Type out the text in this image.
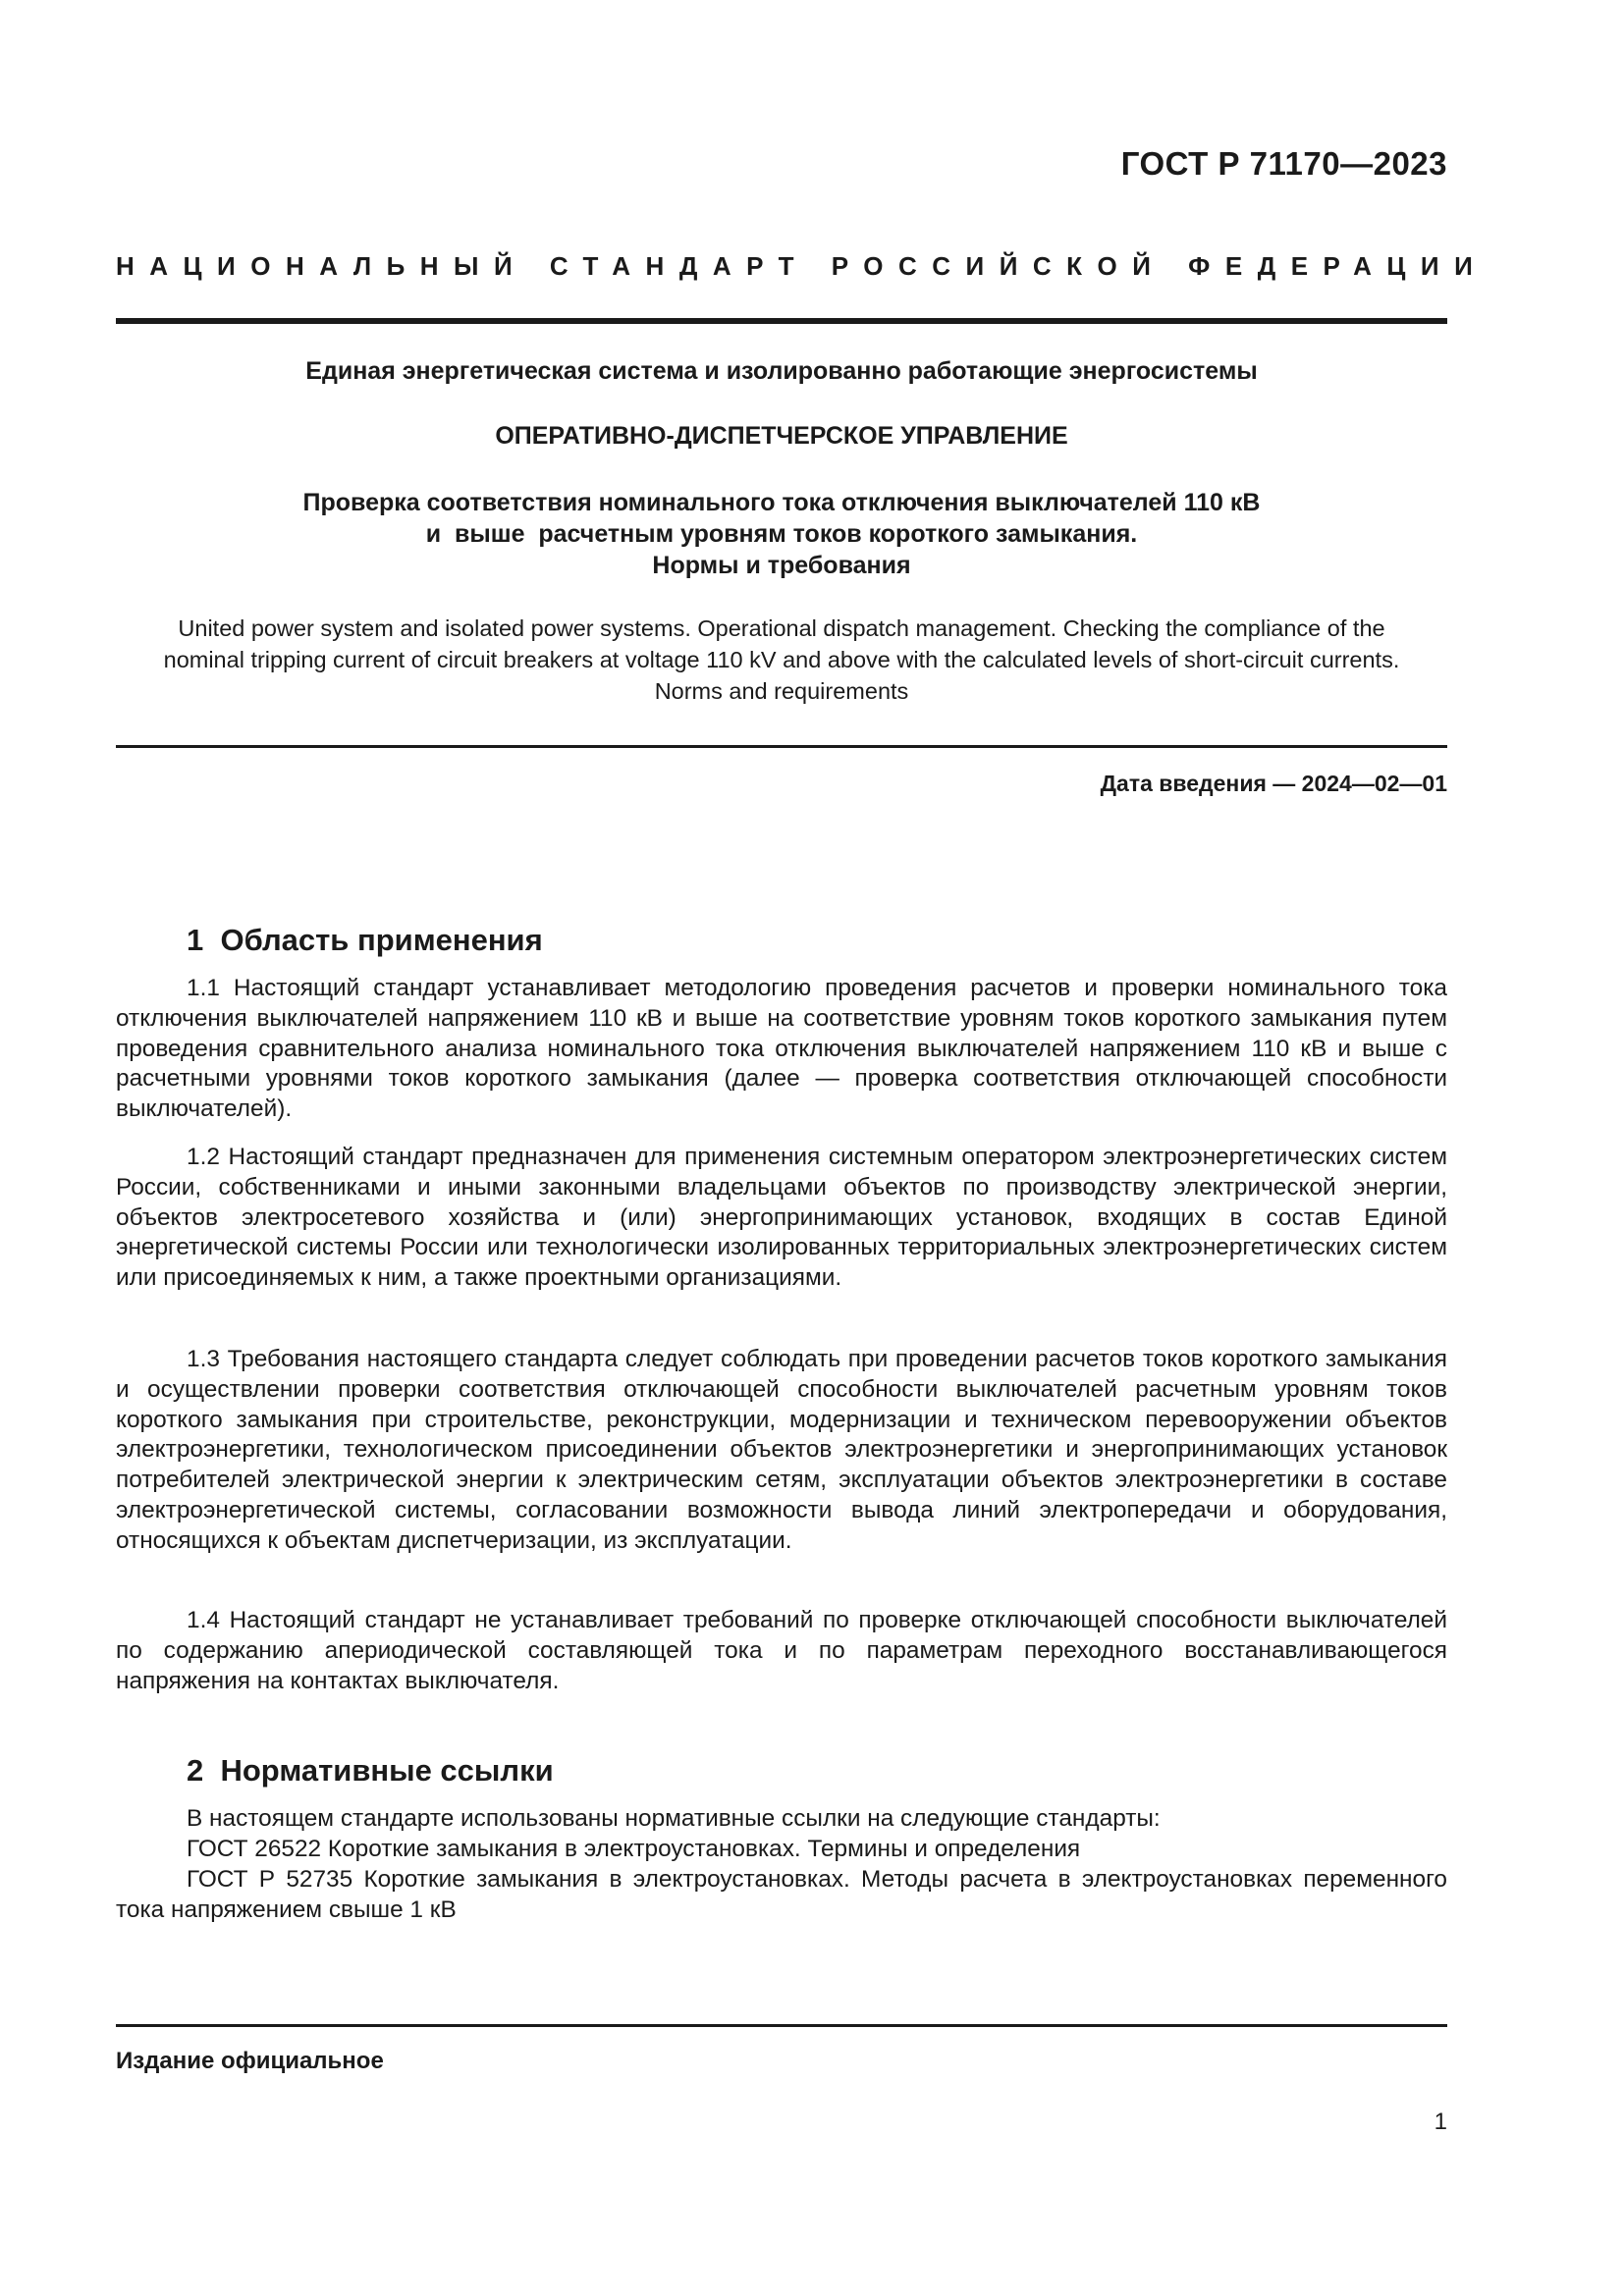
ГОСТ Р 71170—2023
НАЦИОНАЛЬНЫЙ СТАНДАРТ РОССИЙСКОЙ ФЕДЕРАЦИИ
Единая энергетическая система и изолированно работающие энергосистемы
ОПЕРАТИВНО-ДИСПЕТЧЕРСКОЕ УПРАВЛЕНИЕ
Проверка соответствия номинального тока отключения выключателей 110 кВ
и  выше  расчетным уровням токов короткого замыкания.
Нормы и требования
United power system and isolated power systems. Operational dispatch management. Checking the compliance of the
nominal tripping current of circuit breakers at voltage 110 kV and above with the calculated levels of short-circuit currents.
Norms and requirements
Дата введения — 2024—02—01
1  Область применения
1.1 Настоящий стандарт устанавливает методологию проведения расчетов и проверки номинального тока отключения выключателей напряжением 110 кВ и выше на соответствие уровням токов короткого замыкания путем проведения сравнительного анализа номинального тока отключения выключателей напряжением 110 кВ и выше с расчетными уровнями токов короткого замыкания (далее — проверка соответствия отключающей способности выключателей).
1.2 Настоящий стандарт предназначен для применения системным оператором электроэнергетических систем России, собственниками и иными законными владельцами объектов по производству электрической энергии, объектов электросетевого хозяйства и (или) энергопринимающих установок, входящих в состав Единой энергетической системы России или технологически изолированных территориальных электроэнергетических систем или присоединяемых к ним, а также проектными организациями.
1.3 Требования настоящего стандарта следует соблюдать при проведении расчетов токов короткого замыкания и осуществлении проверки соответствия отключающей способности выключателей расчетным уровням токов короткого замыкания при строительстве, реконструкции, модернизации и техническом перевооружении объектов электроэнергетики, технологическом присоединении объектов электроэнергетики и энергопринимающих установок потребителей электрической энергии к электрическим сетям, эксплуатации объектов электроэнергетики в составе электроэнергетической системы, согласовании возможности вывода линий электропередачи и оборудования, относящихся к объектам диспетчеризации, из эксплуатации.
1.4 Настоящий стандарт не устанавливает требований по проверке отключающей способности выключателей по содержанию апериодической составляющей тока и по параметрам переходного восстанавливающегося напряжения на контактах выключателя.
2  Нормативные ссылки
В настоящем стандарте использованы нормативные ссылки на следующие стандарты:
ГОСТ 26522 Короткие замыкания в электроустановках. Термины и определения
ГОСТ Р 52735 Короткие замыкания в электроустановках. Методы расчета в электроустановках переменного тока напряжением свыше 1 кВ
Издание официальное
1
